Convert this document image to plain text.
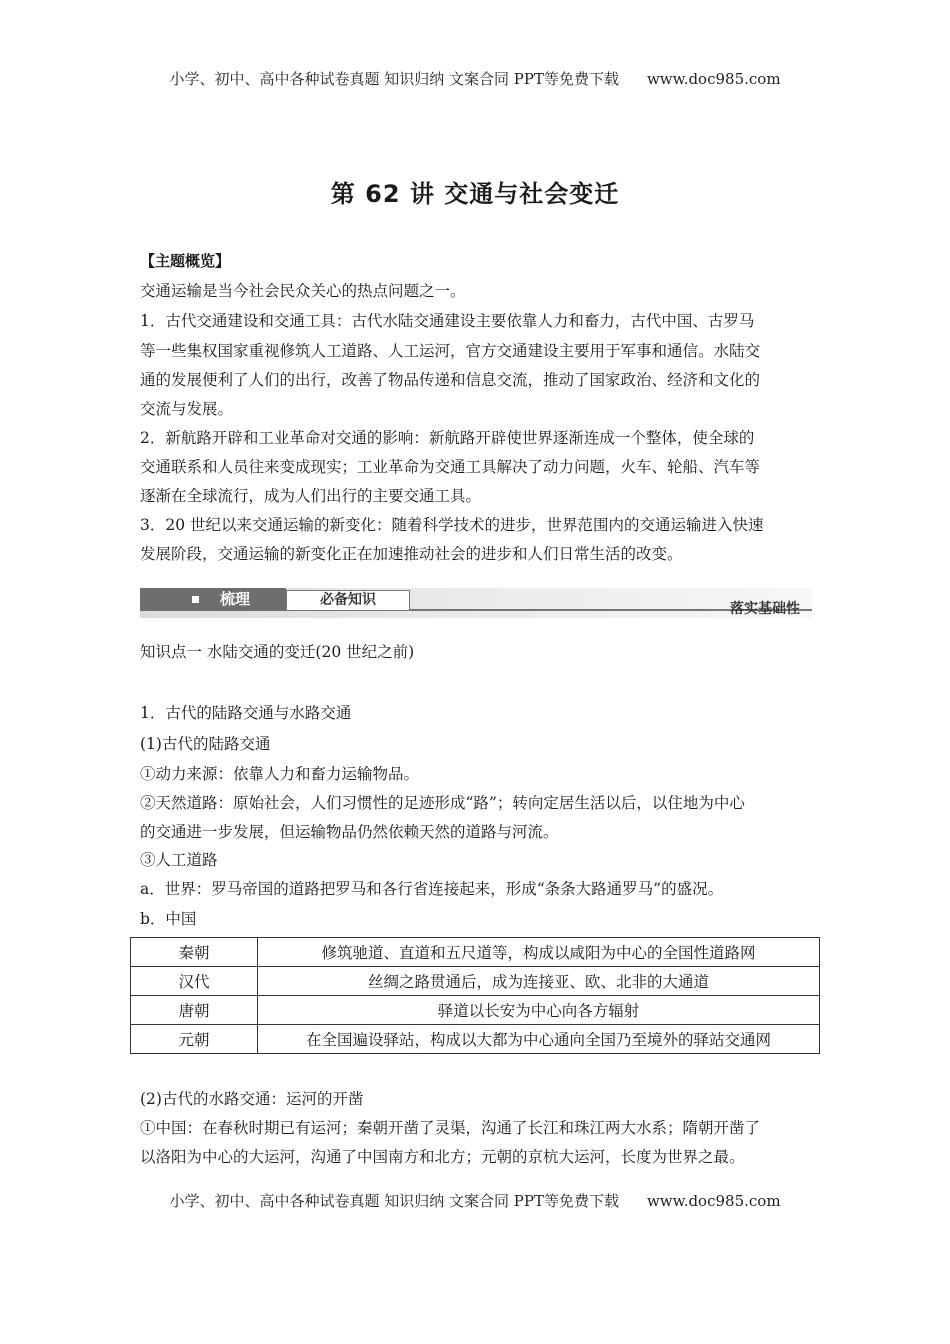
小学、初中、高中各种试卷真题 知识归纳 文案合同 PPT等免费下载 www.doc985.com
第 62 讲 交通与社会变迁
【主题概览】
交通运输是当今社会民众关心的热点问题之一。
1．古代交通建设和交通工具：古代水陆交通建设主要依靠人力和畜力，古代中国、古罗马
等一些集权国家重视修筑人工道路、人工运河，官方交通建设主要用于军事和通信。水陆交
通的发展便利了人们的出行，改善了物品传递和信息交流，推动了国家政治、经济和文化的
交流与发展。
2．新航路开辟和工业革命对交通的影响：新航路开辟使世界逐渐连成一个整体，使全球的
交通联系和人员往来变成现实；工业革命为交通工具解决了动力问题，火车、轮船、汽车等
逐渐在全球流行，成为人们出行的主要交通工具。
3．20 世纪以来交通运输的新变化：随着科学技术的进步，世界范围内的交通运输进入快速
发展阶段，交通运输的新变化正在加速推动社会的进步和人们日常生活的改变。
梳理	必备知识
落实基础性
知识点一 水陆交通的变迁(20 世纪之前)
1．古代的陆路交通与水路交通
(1)古代的陆路交通
①动力来源：依靠人力和畜力运输物品。
②天然道路：原始社会，人们习惯性的足迹形成“路”；转向定居生活以后，以住地为中心
的交通进一步发展，但运输物品仍然依赖天然的道路与河流。
③人工道路
a．世界：罗马帝国的道路把罗马和各行省连接起来，形成“条条大路通罗马”的盛况。
b．中国
秦朝	修筑驰道、直道和五尺道等，构成以咸阳为中心的全国性道路网
汉代	丝绸之路贯通后，成为连接亚、欧、北非的大通道
唐朝	驿道以长安为中心向各方辐射
元朝	在全国遍设驿站，构成以大都为中心通向全国乃至境外的驿站交通网
(2)古代的水路交通：运河的开凿
①中国：在春秋时期已有运河；秦朝开凿了灵渠，沟通了长江和珠江两大水系；隋朝开凿了
以洛阳为中心的大运河，沟通了中国南方和北方；元朝的京杭大运河，长度为世界之最。
小学、初中、高中各种试卷真题 知识归纳 文案合同 PPT等免费下载 www.doc985.com
